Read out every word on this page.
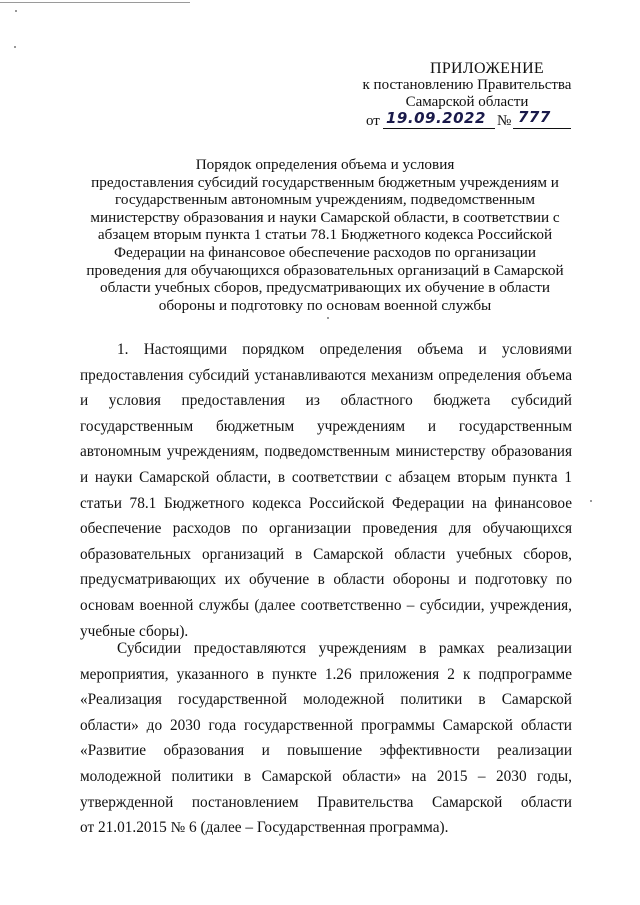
ПРИЛОЖЕНИЕ
к постановлению Правительства
Самарской области
от 19.09.2022 № 777
Порядок определения объема и условия
предоставления субсидий государственным бюджетным учреждениям и
государственным автономным учреждениям, подведомственным
министерству образования и науки Самарской области, в соответствии с
абзацем вторым пункта 1 статьи 78.1 Бюджетного кодекса Российской
Федерации на финансовое обеспечение расходов по организации
проведения для обучающихся образовательных организаций в Самарской
области учебных сборов, предусматривающих их обучение в области
обороны и подготовку по основам военной службы
1. Настоящими порядком определения объема и условиями
предоставления субсидий устанавливаются механизм определения объема
и условия предоставления из областного бюджета субсидий
государственным бюджетным учреждениям и государственным
автономным учреждениям, подведомственным министерству образования
и науки Самарской области, в соответствии с абзацем вторым пункта 1
статьи 78.1 Бюджетного кодекса Российской Федерации на финансовое
обеспечение расходов по организации проведения для обучающихся
образовательных организаций в Самарской области учебных сборов,
предусматривающих их обучение в области обороны и подготовку по
основам военной службы (далее соответственно – субсидии, учреждения,
учебные сборы).
Субсидии предоставляются учреждениям в рамках реализации
мероприятия, указанного в пункте 1.26 приложения 2 к подпрограмме
«Реализация государственной молодежной политики в Самарской
области» до 2030 года государственной программы Самарской области
«Развитие образования и повышение эффективности реализации
молодежной политики в Самарской области» на 2015 – 2030 годы,
утвержденной постановлением Правительства Самарской области
от 21.01.2015 № 6 (далее – Государственная программа).
